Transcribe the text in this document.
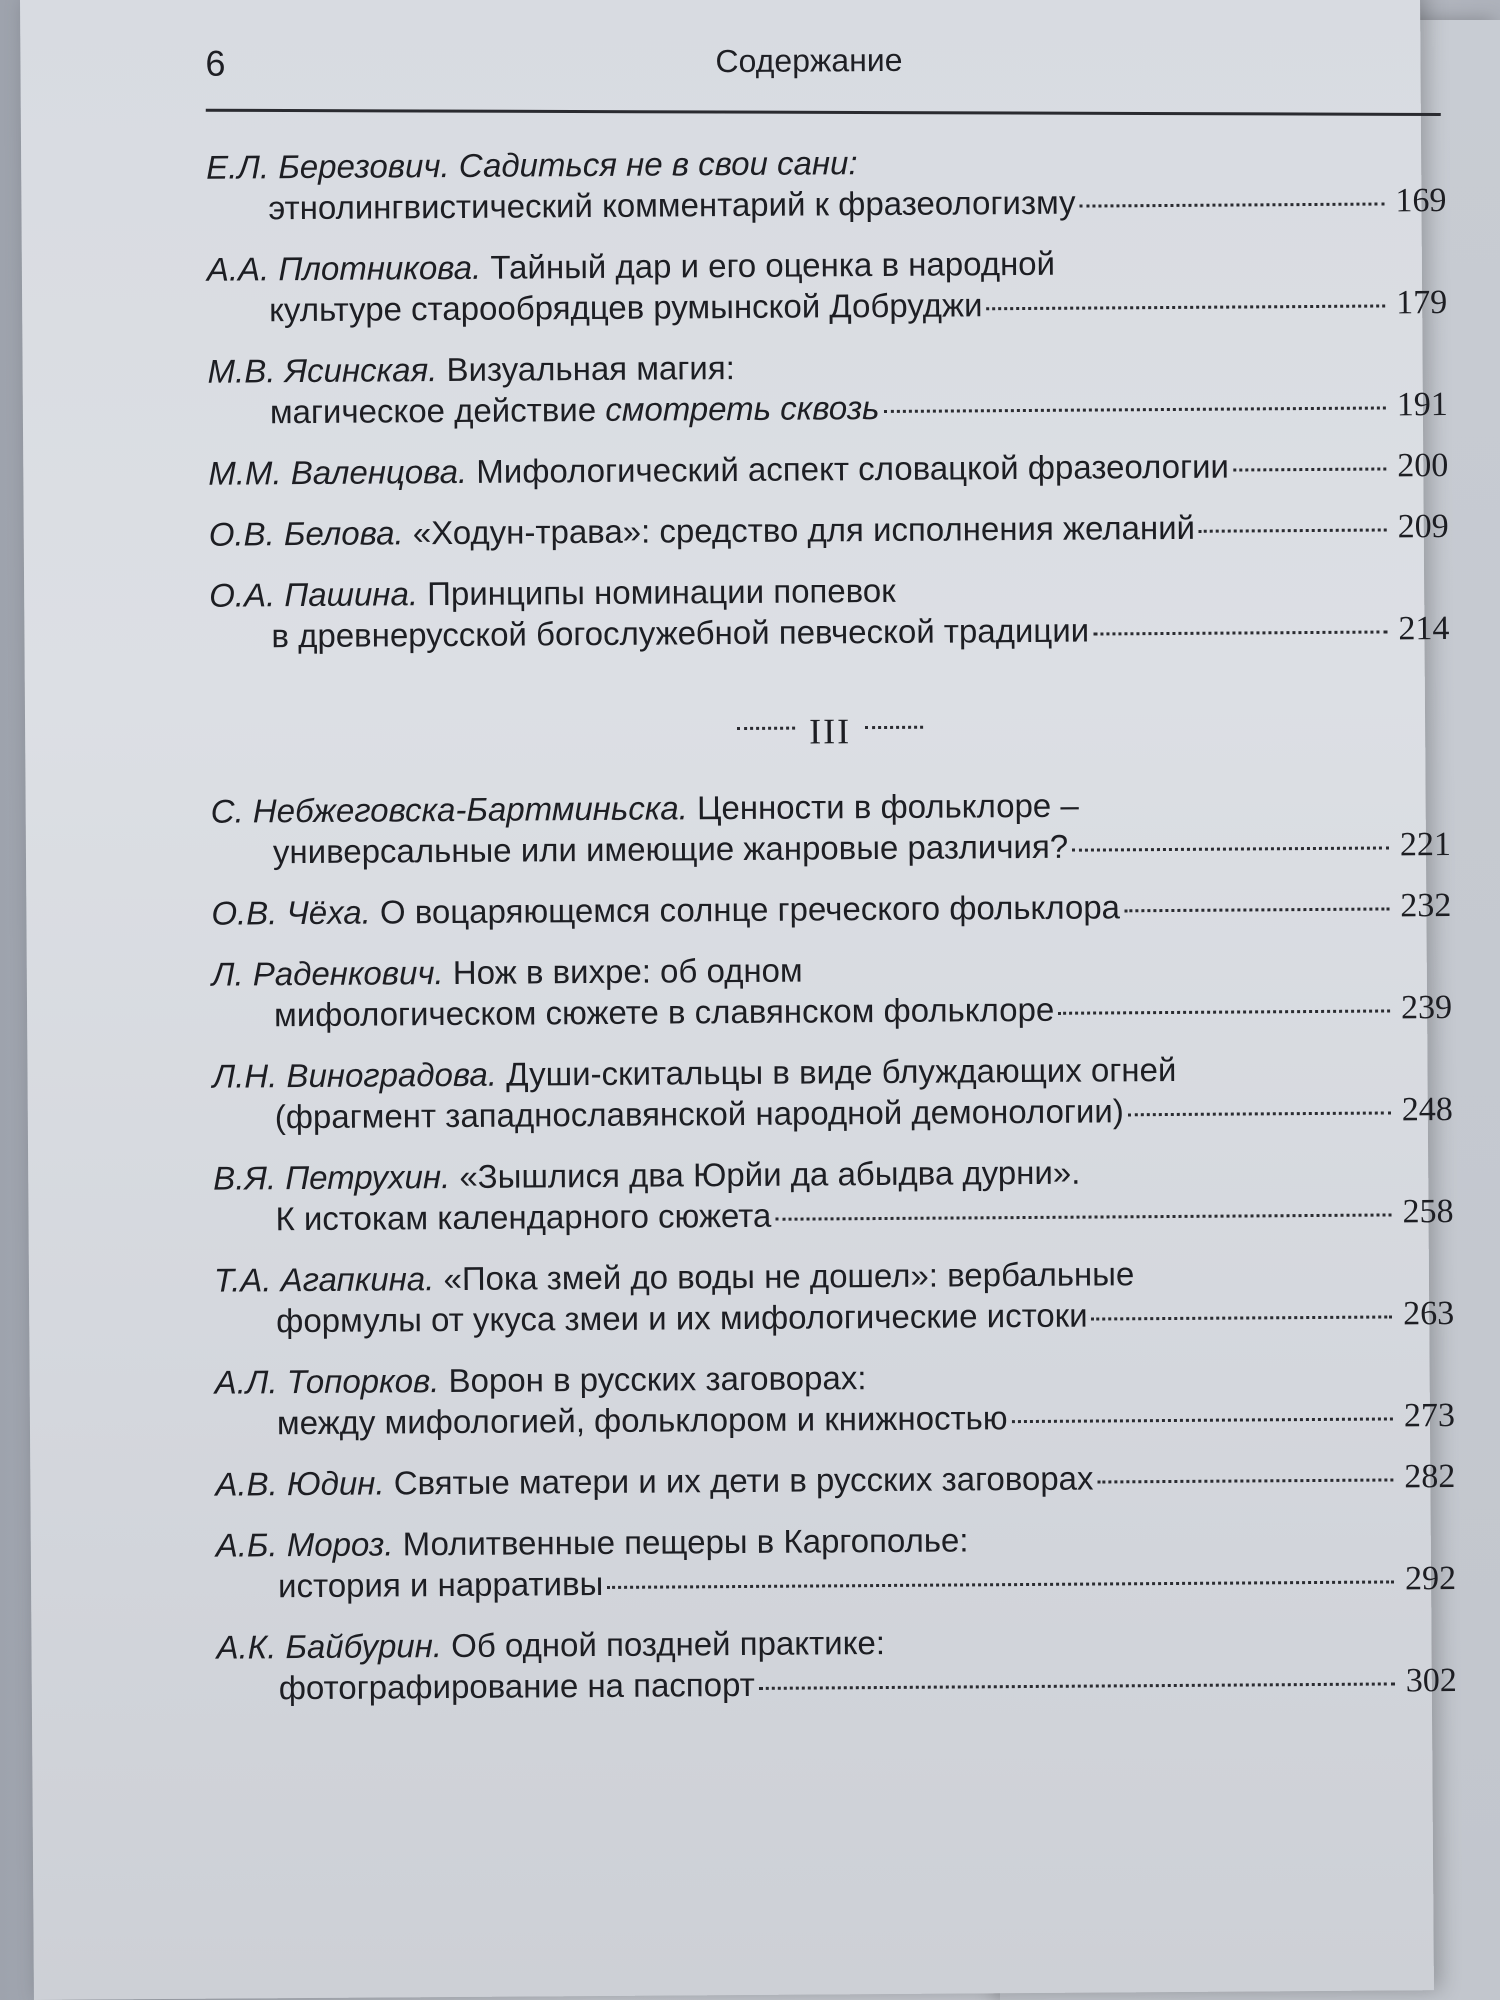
6	Содержание
Е.Л. Березович. Садиться не в свои сани:
этнолингвистический комментарий к фразеологизму	169
А.А. Плотникова. Тайный дар и его оценка в народной
культуре старообрядцев румынской Добруджи	179
М.В. Ясинская. Визуальная магия:
магическое действие смотреть сквозь	191
М.М. Валенцова.
Мифологический аспект словацкой фразеологии	200
О.В. Белова.
«Ходун-трава»: средство для исполнения желаний	209
О.А. Пашина. Принципы номинации попевок
в древнерусской богослужебной певческой традиции	214
III
С. Небжеговска-Бартминьска. Ценности в фольклоре –
универсальные или имеющие жанровые различия?	221
О.В. Чёха.
О воцаряющемся солнце греческого фольклора	232
Л. Раденкович. Нож в вихре: об одном
мифологическом сюжете в славянском фольклоре	239
Л.Н. Виноградова. Души-скитальцы в виде блуждающих огней
(фрагмент западнославянской народной демонологии)	248
В.Я. Петрухин. «Зышлися два Юрйи да абыдва дурни».
К истокам календарного сюжета	258
Т.А. Агапкина. «Пока змей до воды не дошел»: вербальные
формулы от укуса змеи и их мифологические истоки	263
А.Л. Топорков. Ворон в русских заговорах:
между мифологией, фольклором и книжностью	273
А.В. Юдин.
Святые матери и их дети в русских заговорах	282
А.Б. Мороз. Молитвенные пещеры в Каргополье:
история и нарративы	292
А.К. Байбурин. Об одной поздней практике:
фотографирование на паспорт	302
